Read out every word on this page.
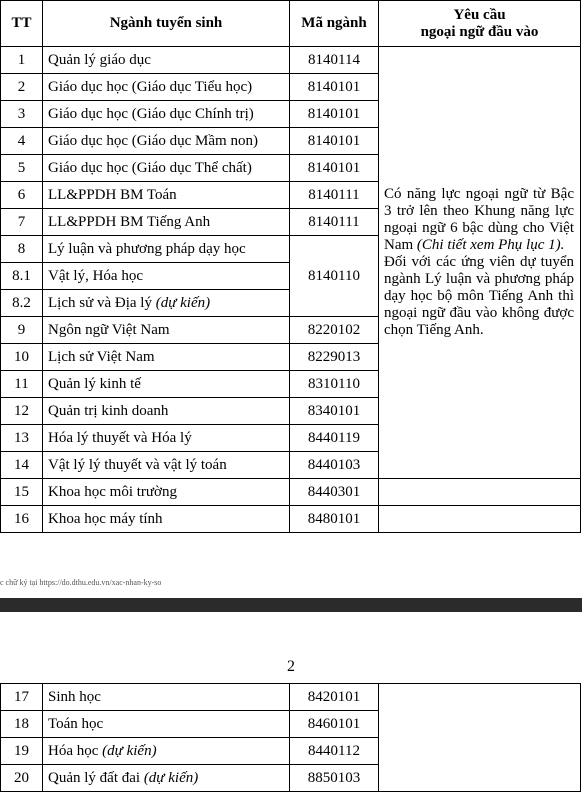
TT	Ngành tuyển sinh	Mã ngành	Yêu cầu
ngoại ngữ đầu vào
1	Quản lý giáo dục	8140114	Có năng lực ngoại ngữ từ Bậc 3 trở lên theo Khung năng lực ngoại ngữ 6 bậc dùng cho Việt Nam (Chi tiết xem Phụ lục 1).

Đối với các ứng viên dự tuyển ngành Lý luận và phương pháp dạy học bộ môn Tiếng Anh thì ngoại ngữ đầu vào không được chọn Tiếng Anh.

2	Giáo dục học (Giáo dục Tiểu học)	8140101	
3	Giáo dục học (Giáo dục Chính trị)	8140101	
4	Giáo dục học (Giáo dục Mầm non)	8140101	
5	Giáo dục học (Giáo dục Thể chất)	8140101	
6	LL&PPDH BM Toán	8140111	
7	LL&PPDH BM Tiếng Anh	8140111	
8	Lý luận và phương pháp dạy học	8140110	
8.1	Vật lý, Hóa học		
8.2	Lịch sử và Địa lý (dự kiến)		
9	Ngôn ngữ Việt Nam	8220102	
10	Lịch sử Việt Nam	8229013	
11	Quản lý kinh tế	8310110	
12	Quản trị kinh doanh	8340101	
13	Hóa lý thuyết và Hóa lý	8440119	
14	Vật lý lý thuyết và vật lý toán	8440103	
15	Khoa học môi trường	8440301	
16	Khoa học máy tính	8480101	
c chữ ký tại https://do.dthu.edu.vn/xac-nhan-ky-so
2
17	Sinh học	8420101	
18	Toán học	8460101	
19	Hóa học (dự kiến)	8440112	
20	Quản lý đất đai (dự kiến)	8850103	
